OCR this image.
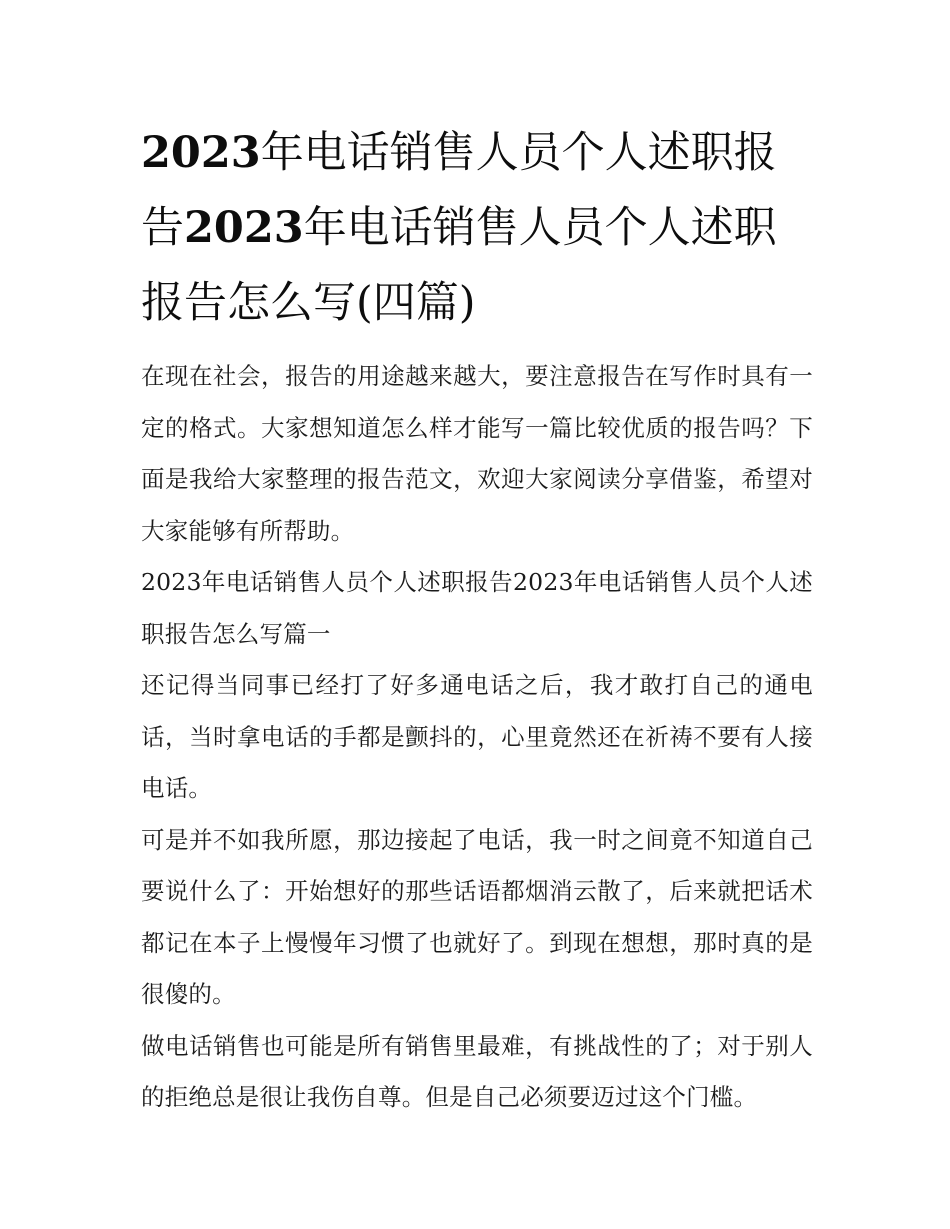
2023年电话销售人员个人述职报告2023年电话销售人员个人述职报告怎么写(四篇)

在现在社会，报告的用途越来越大，要注意报告在写作时具有一定的格式。大家想知道怎么样才能写一篇比较优质的报告吗？下面是我给大家整理的报告范文，欢迎大家阅读分享借鉴，希望对大家能够有所帮助。

2023年电话销售人员个人述职报告2023年电话销售人员个人述职报告怎么写篇一

还记得当同事已经打了好多通电话之后，我才敢打自己的通电话，当时拿电话的手都是颤抖的，心里竟然还在祈祷不要有人接电话。

可是并不如我所愿，那边接起了电话，我一时之间竟不知道自己要说什么了：开始想好的那些话语都烟消云散了，后来就把话术都记在本子上慢慢年习惯了也就好了。到现在想想，那时真的是很傻的。

做电话销售也可能是所有销售里最难，有挑战性的了；对于别人的拒绝总是很让我伤自尊。但是自己必须要迈过这个门槛。
